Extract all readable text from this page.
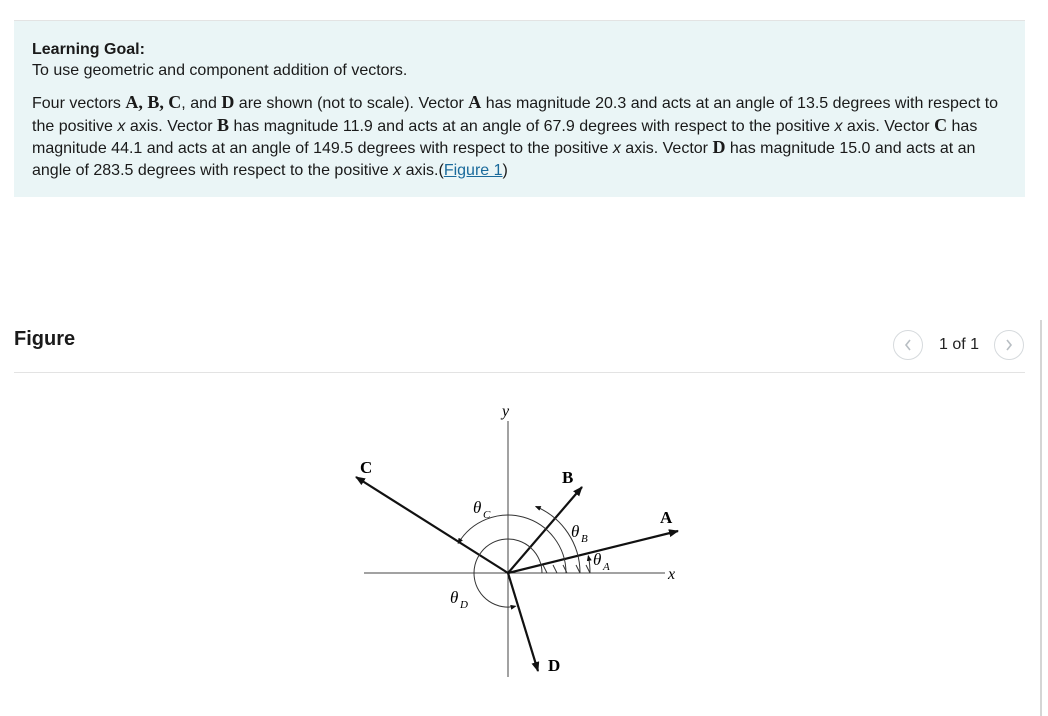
Learning Goal:
To use geometric and component addition of vectors.
Four vectors A, B, C, and D are shown (not to scale). Vector A has magnitude 20.3 and acts at an angle of 13.5 degrees with respect to the positive x axis. Vector B has magnitude 11.9 and acts at an angle of 67.9 degrees with respect to the positive x axis. Vector C has magnitude 44.1 and acts at an angle of 149.5 degrees with respect to the positive x axis. Vector D has magnitude 15.0 and acts at an angle of 283.5 degrees with respect to the positive x axis.(Figure 1)
Figure	1 of 1
y
x
A
B
C
D
θ A
θ B
θ C
θ D
